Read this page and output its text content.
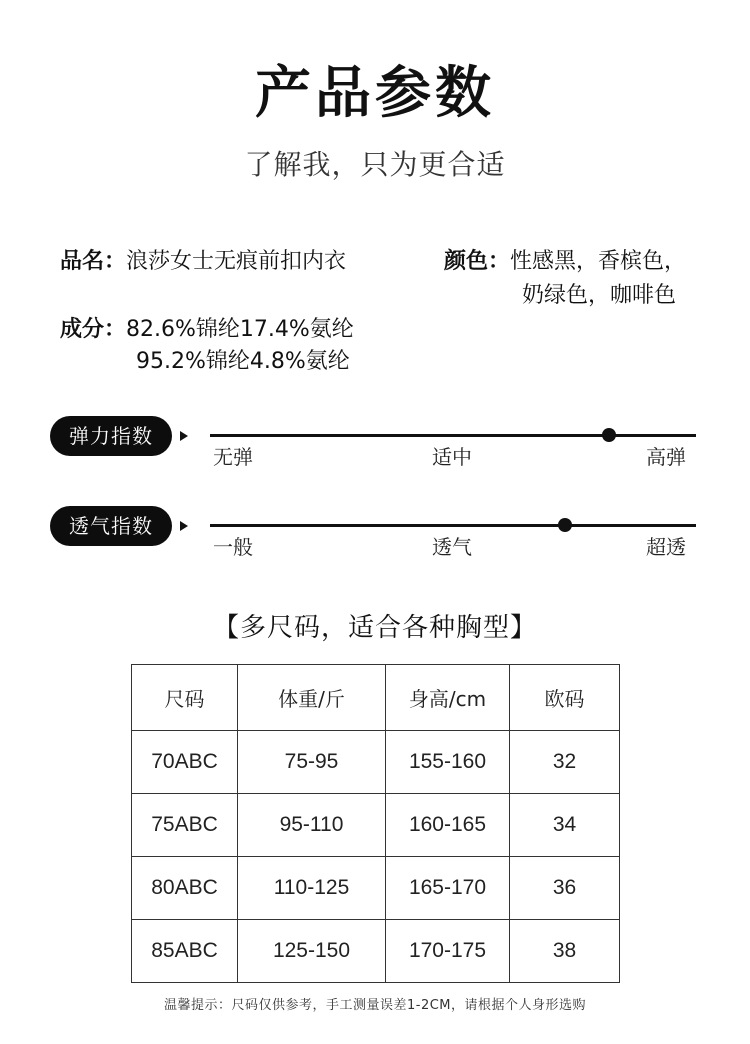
产品参数
了解我，只为更合适
品名：浪莎女士无痕前扣内衣	颜色：性感黑，香槟色，
奶绿色，咖啡色
成分：82.6%锦纶17.4%氨纶
95.2%锦纶4.8%氨纶
弹力指数
无弹	适中	高弹
透气指数
一般	透气	超透
【多尺码，适合各种胸型】
尺码	体重/斤	身高/cm	欧码
70ABC	75-95	155-160	32
75ABC	95-110	160-165	34
80ABC	110-125	165-170	36
85ABC	125-150	170-175	38
温馨提示：尺码仅供参考，手工测量误差1-2CM，请根据个人身形选购
